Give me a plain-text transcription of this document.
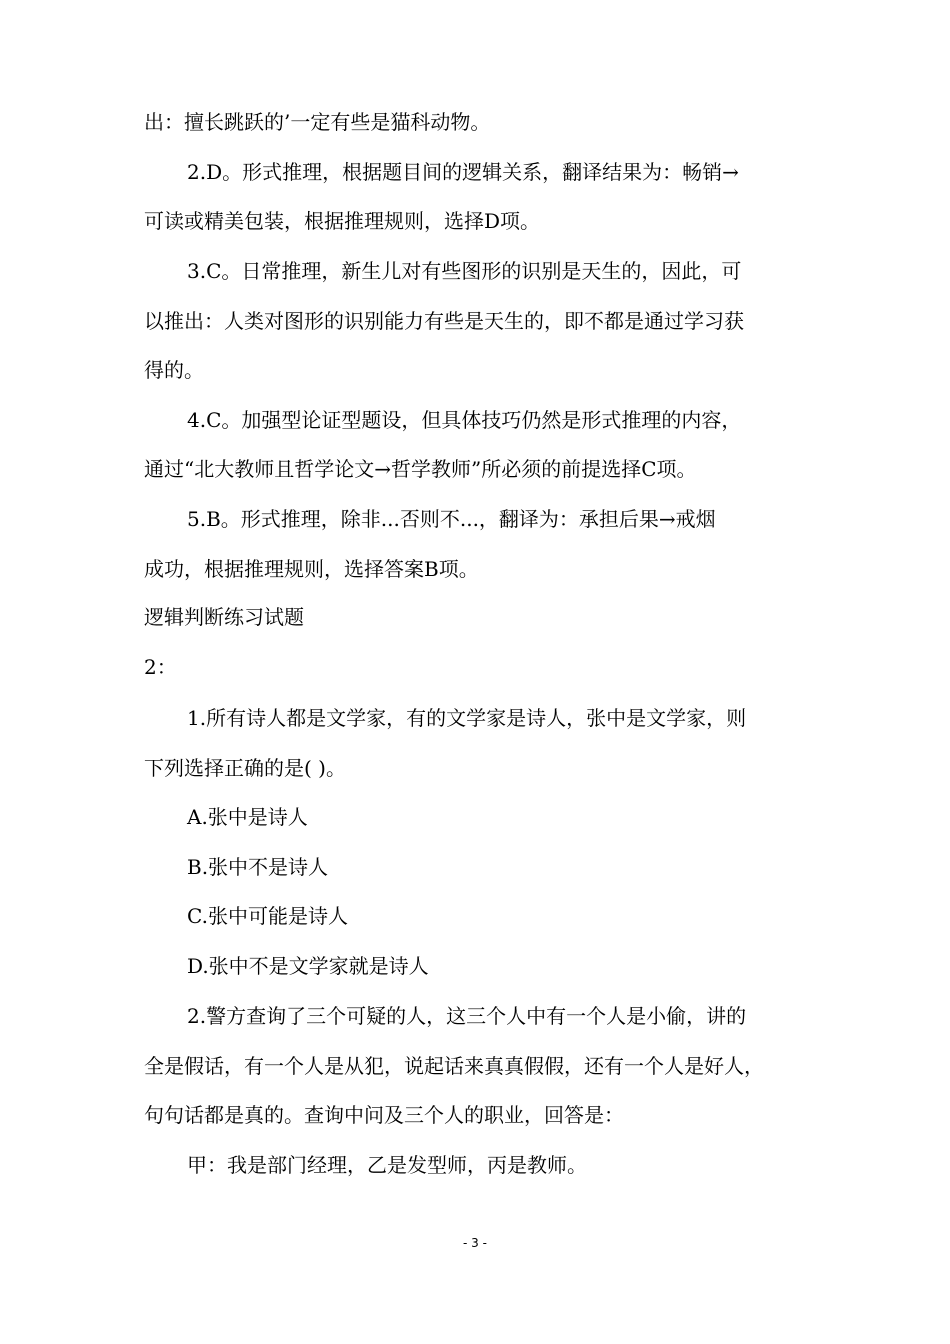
出：擅长跳跃的’一定有些是猫科动物。
2.D。形式推理，根据题目间的逻辑关系，翻译结果为：畅销→
可读或精美包装，根据推理规则，选择D项。
3.C。日常推理，新生儿对有些图形的识别是天生的，因此，可
以推出：人类对图形的识别能力有些是天生的，即不都是通过学习获
得的。
4.C。加强型论证型题设，但具体技巧仍然是形式推理的内容，
通过“北大教师且哲学论文→哲学教师”所必须的前提选择C项。
5.B。形式推理，除非...否则不...，翻译为：承担后果→戒烟
成功，根据推理规则，选择答案B项。
逻辑判断练习试题
2：
1.所有诗人都是文学家，有的文学家是诗人，张中是文学家，则
下列选择正确的是( )。
A.张中是诗人
B.张中不是诗人
C.张中可能是诗人
D.张中不是文学家就是诗人
2.警方查询了三个可疑的人，这三个人中有一个人是小偷，讲的
全是假话，有一个人是从犯，说起话来真真假假，还有一个人是好人，
句句话都是真的。查询中问及三个人的职业，回答是：
甲：我是部门经理，乙是发型师，丙是教师。
- 3 -
